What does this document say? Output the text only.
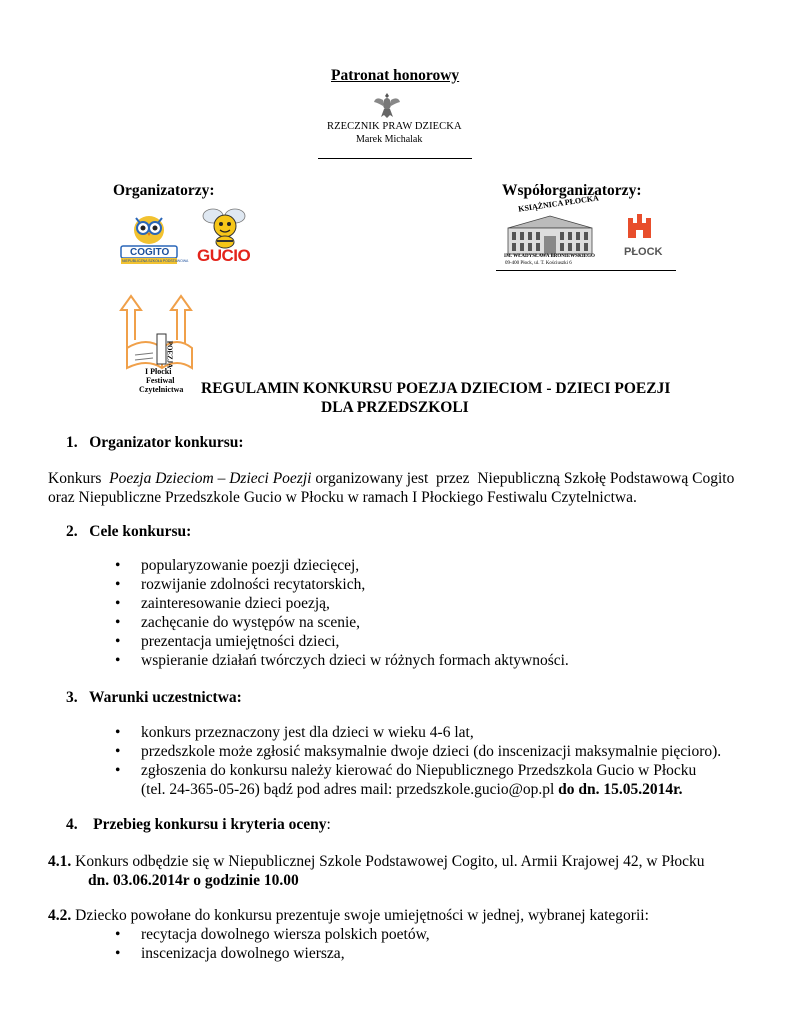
Patronat honorowy
RZECZNIK PRAW DZIECKA
Marek Michalak
Organizatorzy:	Współorganizatorzy:
COGITO
NIEPUBLICZNA SZKOŁA PODSTAWOWA GUCIO
KSIĄŻNICA PŁOCKA
IM. WŁADYSŁAWA BRONIEWSKIEGO
09-400 Płock, ul. T. Kościuszki 6
PŁOCK
POEZJA
I Płocki
Festiwal
Czytelnictwa REGULAMIN KONKURSU POEZJA DZIECIOM - DZIECI POEZJI
DLA PRZEDSZKOLI
1.   Organizator konkursu:
Konkurs  Poezja Dzieciom – Dzieci Poezji organizowany jest  przez  Niepubliczną Szkołę Podstawową Cogito
oraz Niepubliczne Przedszkole Gucio w Płocku w ramach I Płockiego Festiwalu Czytelnictwa.
2.   Cele konkursu:
• popularyzowanie poezji dziecięcej,
• rozwijanie zdolności recytatorskich,
• zainteresowanie dzieci poezją,
• zachęcanie do występów na scenie,
• prezentacja umiejętności dzieci,
• wspieranie działań twórczych dzieci w różnych formach aktywności.
3.   Warunki uczestnictwa:
• konkurs przeznaczony jest dla dzieci w wieku 4-6 lat,
• przedszkole może zgłosić maksymalnie dwoje dzieci (do inscenizacji maksymalnie pięcioro).
• zgłoszenia do konkursu należy kierować do Niepublicznego Przedszkola Gucio w Płocku
(tel. 24-365-05-26) bądź pod adres mail: przedszkole.gucio@op.pl do dn. 15.05.2014r.
4.    Przebieg konkursu i kryteria oceny:
4.1. Konkurs odbędzie się w Niepublicznej Szkole Podstawowej Cogito, ul. Armii Krajowej 42, w Płocku
dn. 03.06.2014r o godzinie 10.00
4.2. Dziecko powołane do konkursu prezentuje swoje umiejętności w jednej, wybranej kategorii:
• recytacja dowolnego wiersza polskich poetów,
• inscenizacja dowolnego wiersza,
